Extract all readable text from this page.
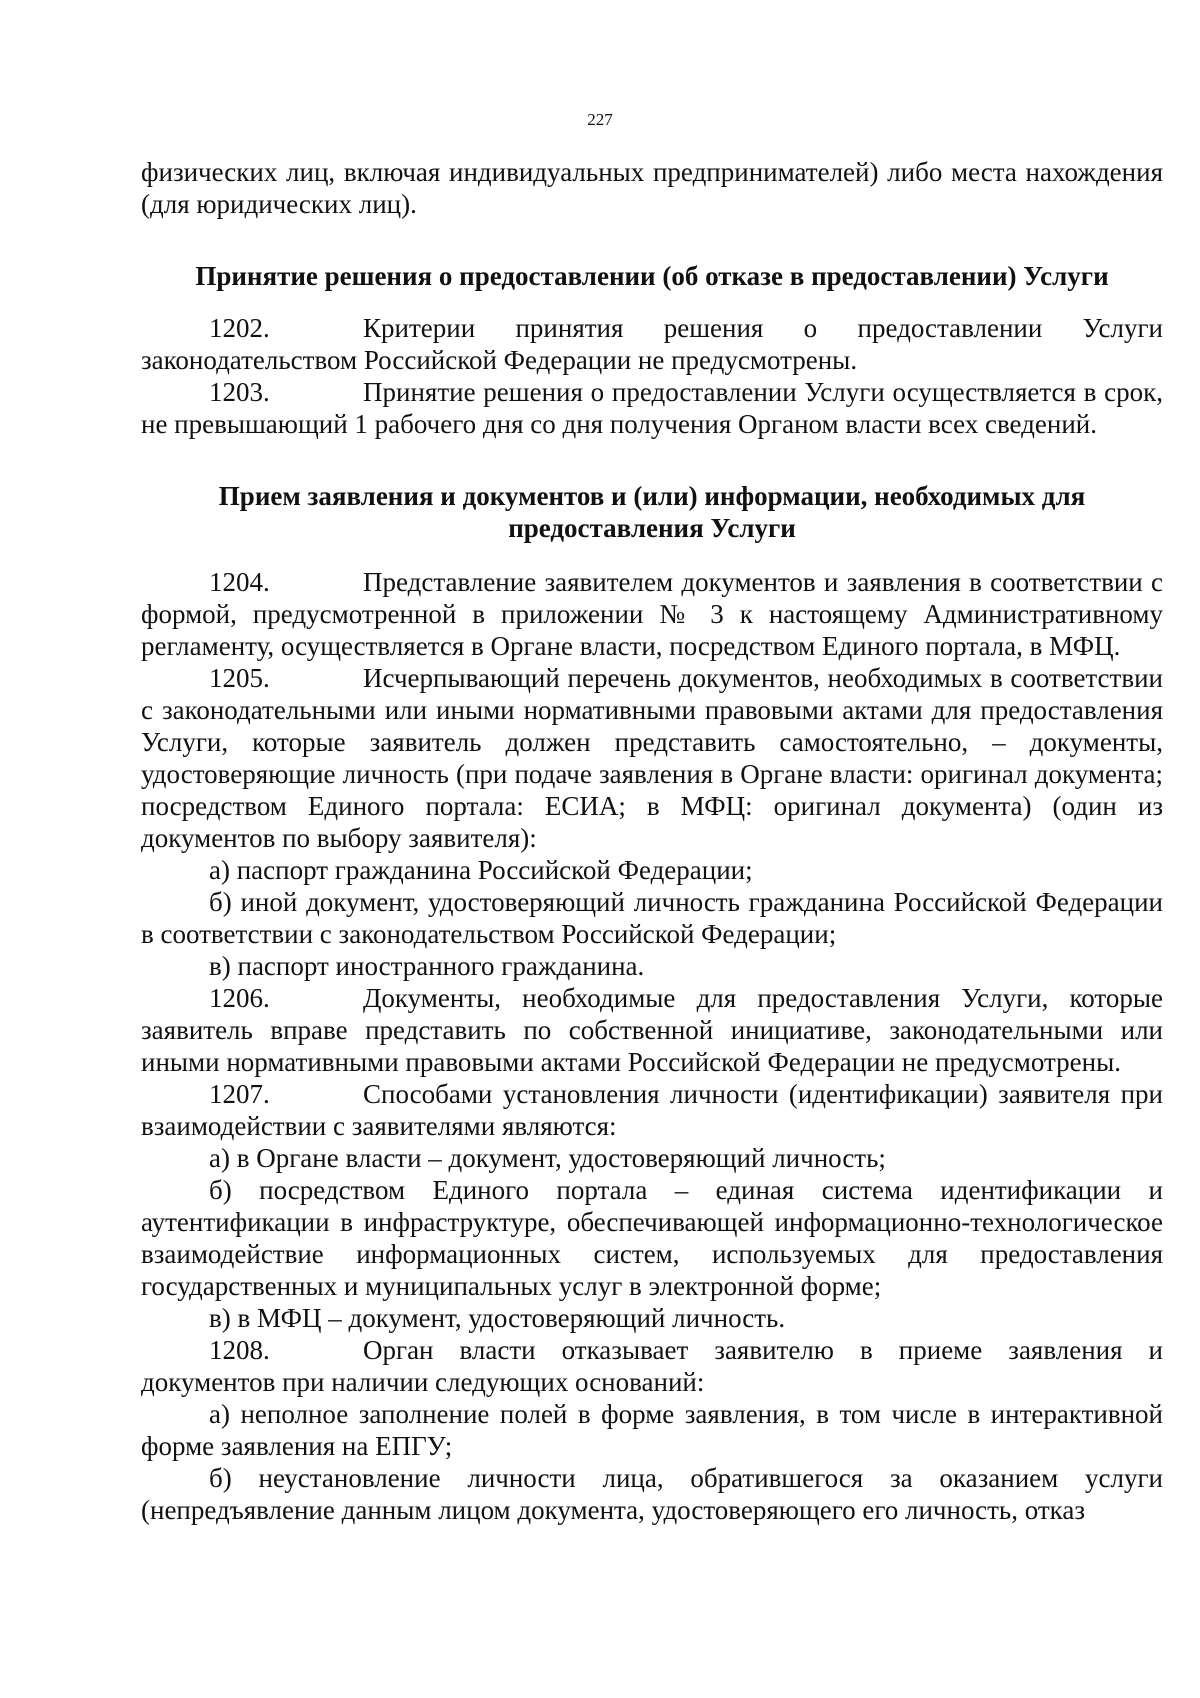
227

физических лиц, включая индивидуальных предпринимателей) либо места нахождения (для юридических лиц).

Принятие решения о предоставлении (об отказе в предоставлении) Услуги

1202.	Критерии принятия решения о предоставлении Услуги законодательством Российской Федерации не предусмотрены.

1203.	Принятие решения о предоставлении Услуги осуществляется в срок, не превышающий 1 рабочего дня со дня получения Органом власти всех сведений.

Прием заявления и документов и (или) информации, необходимых для
предоставления Услуги

1204.	Представление заявителем документов и заявления в соответствии с формой, предусмотренной в приложении № 3 к настоящему Административному регламенту, осуществляется в Органе власти, посредством Единого портала, в МФЦ.

1205.	Исчерпывающий перечень документов, необходимых в соответствии с законодательными или иными нормативными правовыми актами для предоставления Услуги, которые заявитель должен представить самостоятельно, – документы, удостоверяющие личность (при подаче заявления в Органе власти: оригинал документа; посредством Единого портала: ЕСИА; в МФЦ: оригинал документа) (один из документов по выбору заявителя):

а) паспорт гражданина Российской Федерации;

б) иной документ, удостоверяющий личность гражданина Российской Федерации в соответствии с законодательством Российской Федерации;

в) паспорт иностранного гражданина.

1206.	Документы, необходимые для предоставления Услуги, которые заявитель вправе представить по собственной инициативе, законодательными или иными нормативными правовыми актами Российской Федерации не предусмотрены.

1207.	Способами установления личности (идентификации) заявителя при взаимодействии с заявителями являются:

а) в Органе власти – документ, удостоверяющий личность;

б) посредством Единого портала – единая система идентификации и аутентификации в инфраструктуре, обеспечивающей информационно-технологическое взаимодействие информационных систем, используемых для предоставления государственных и муниципальных услуг в электронной форме;

в) в МФЦ – документ, удостоверяющий личность.

1208.	Орган власти отказывает заявителю в приеме заявления и документов при наличии следующих оснований:

а) неполное заполнение полей в форме заявления, в том числе в интерактивной форме заявления на ЕПГУ;

б) неустановление личности лица, обратившегося за оказанием услуги (непредъявление данным лицом документа, удостоверяющего его личность, отказ
